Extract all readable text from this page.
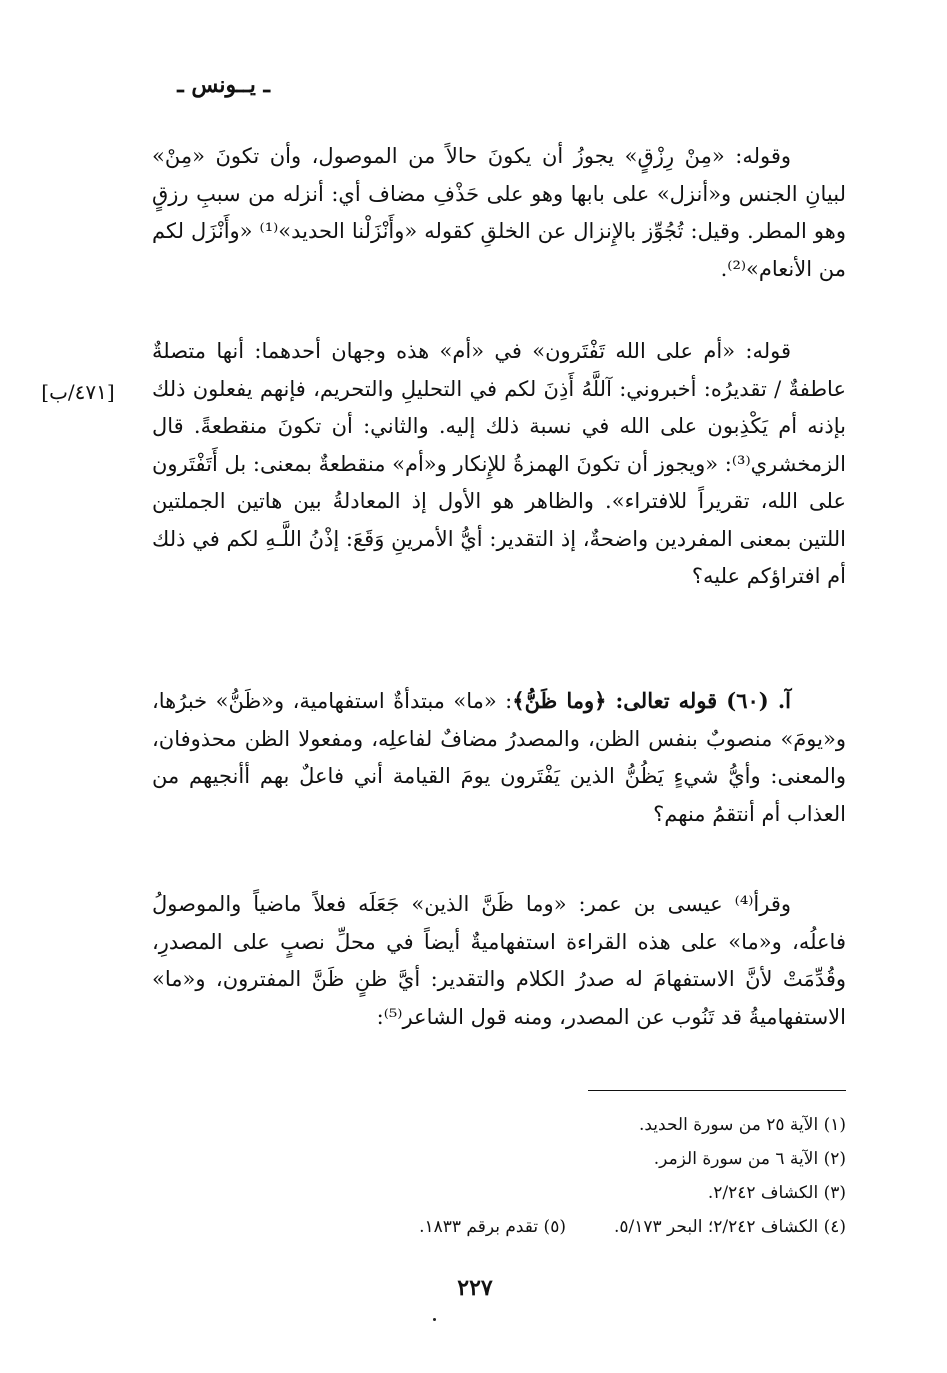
ـ يــونس ـ

وقوله: «مِنْ رِزْقٍ» يجوزُ أن يكونَ حالاً من الموصول، وأن تكونَ «مِنْ» لبيانِ الجنس و«أنزل» على بابها وهو على حَذْفِ مضاف أي: أنزله من سببِ رزقٍ وهو المطر. وقيل: تُجُوِّز بالإِنزال عن الخلقِ كقوله «وأَنْزَلْنا الحديد»⁽¹⁾ «وأَنْزَل لكم من الأنعام»⁽²⁾.

قوله: «أم على الله تَفْتَرون» في «أم» هذه وجهان أحدهما: أنها متصلةٌ عاطفةٌ / تقديرُه: أخبروني: آللَّهُ أَذِنَ لكم في التحليلِ والتحريم، فإنهم يفعلون ذلك بإذنه أم يَكْذِبون على الله في نسبة ذلك إليه. والثاني: أن تكونَ منقطعةً. قال الزمخشري⁽³⁾: «ويجوز أن تكونَ الهمزةُ للإِنكار و«أم» منقطعةٌ بمعنى: بل أَتَفْتَرون على الله، تقريراً للافتراء». والظاهر هو الأول إذ المعادلةُ بين هاتين الجملتين اللتين بمعنى المفردين واضحةٌ، إذ التقدير: أيُّ الأمرينِ وَقَعَ: إذْنُ اللَّـهِ لكم في ذلك أم افتراؤكم عليه؟

[٤٧١/ب]

آ. (٦٠) قوله تعالى: ﴿وما ظَنُّ﴾: «ما» مبتدأةٌ استفهامية، و«ظَنُّ» خبرُها، و«يومَ» منصوبٌ بنفس الظن، والمصدرُ مضافٌ لفاعلِه، ومفعولا الظن محذوفان، والمعنى: وأيُّ شيءٍ يَظُنُّ الذين يَفْتَرون يومَ القيامة أني فاعلٌ بهم أأنجيهم من العذاب أم أنتقمُ منهم؟

وقرأ⁽⁴⁾ عيسى بن عمر: «وما ظَنَّ الذين» جَعَلَه فعلاً ماضياً والموصولُ فاعلُه، و«ما» على هذه القراءة استفهاميةٌ أيضاً في محلِّ نصبٍ على المصدرِ، وقُدِّمَتْ لأنَّ الاستفهامَ له صدرُ الكلام والتقدير: أيَّ ظنٍ ظَنَّ المفترون، و«ما» الاستفهاميةُ قد تَنُوب عن المصدر، ومنه قول الشاعر⁽⁵⁾:

(١) الآية ٢٥ من سورة الحديد.
(٢) الآية ٦ من سورة الزمر.
(٣) الكشاف ٢/٢٤٢.
(٤) الكشاف ٢/٢٤٢؛ البحر ٥/١٧٣.
(٥) تقدم برقم ١٨٣٣.
٢٢٧
